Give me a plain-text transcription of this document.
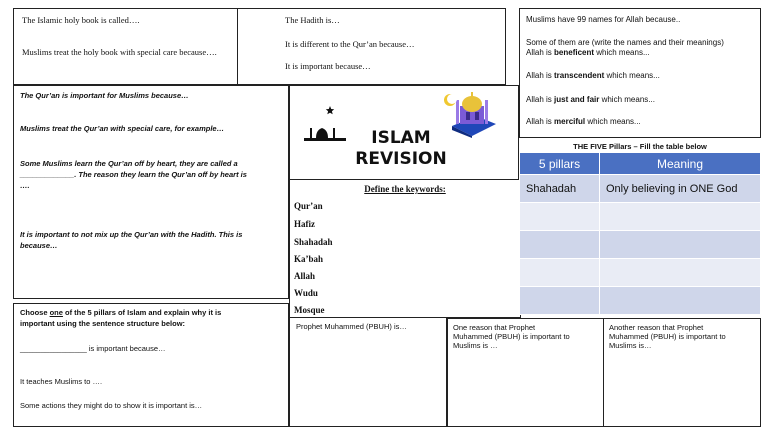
The Islamic holy book is called….
Muslims treat the holy book with special care because….
The Hadith is…
It is different to the Qur’an because…
It is important because…
Muslims have 99 names for Allah because..
Some of them are (write the names and their meanings)
Allah is beneficent which means...
Allah is transcendent which means...
Allah is just and fair which means...
Allah is merciful which means...
The Qur’an is important for Muslims because…
Muslims treat the Qur’an with special care, for example…
Some Muslims learn the Qur’an off by heart, they are called a
_____________. The reason they learn the Qur’an off by heart is
….
It is important to not mix up the Qur’an with the Hadith. This is
because…
ISLAM
REVISION
Define the keywords:
Qur’an
Hafiz
Shahadah
Ka’bah
Allah
Wudu
Mosque
THE FIVE Pillars – Fill the table below
5 pillars	Meaning
Shahadah	Only believing in ONE God

Choose one of the 5 pillars of Islam and explain why it is
important using the sentence structure below:
________________ is important because…
It teaches Muslims to ….
Some actions they might do to show it is important is…
Prophet Muhammed (PBUH) is…	One reason that Prophet
Muhammed (PBUH) is important to
Muslims is …
Another reason that Prophet
Muhammed (PBUH) is important to
Muslims is…
